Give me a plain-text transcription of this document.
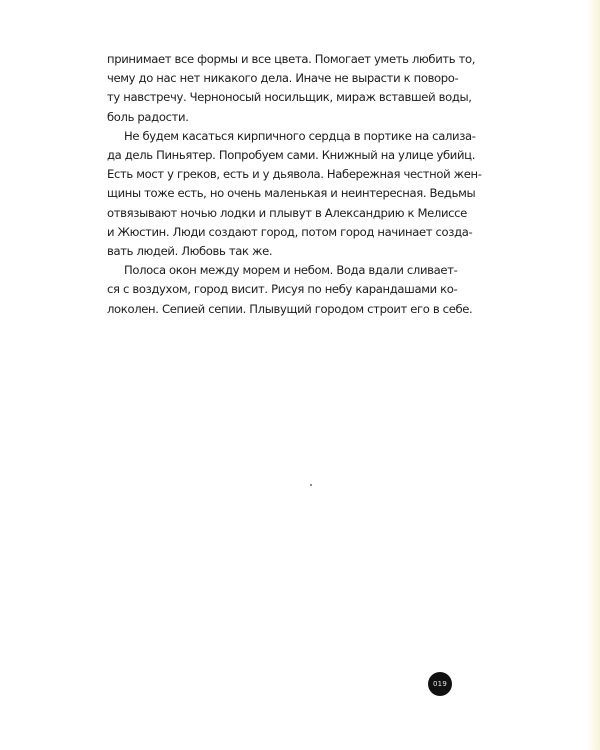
принимает все формы и все цвета. Помогает уметь любить то,
чему до нас нет никакого дела. Иначе не вырасти к поворо-
ту навстречу. Черноносый носильщик, мираж вставшей воды,
боль радости.
Не будем касаться кирпичного сердца в портике на сализа-
да дель Пиньятер. Попробуем сами. Книжный на улице убийц.
Есть мост у греков, есть и у дьявола. Набережная честной жен-
щины тоже есть, но очень маленькая и неинтересная. Ведьмы
отвязывают ночью лодки и плывут в Александрию к Мелиссе
и Жюстин. Люди создают город, потом город начинает созда-
вать людей. Любовь так же.
Полоса окон между морем и небом. Вода вдали сливает-
ся с воздухом, город висит. Рисуя по небу карандашами ко-
локолен. Сепией сепии. Плывущий городом строит его в себе.
019
